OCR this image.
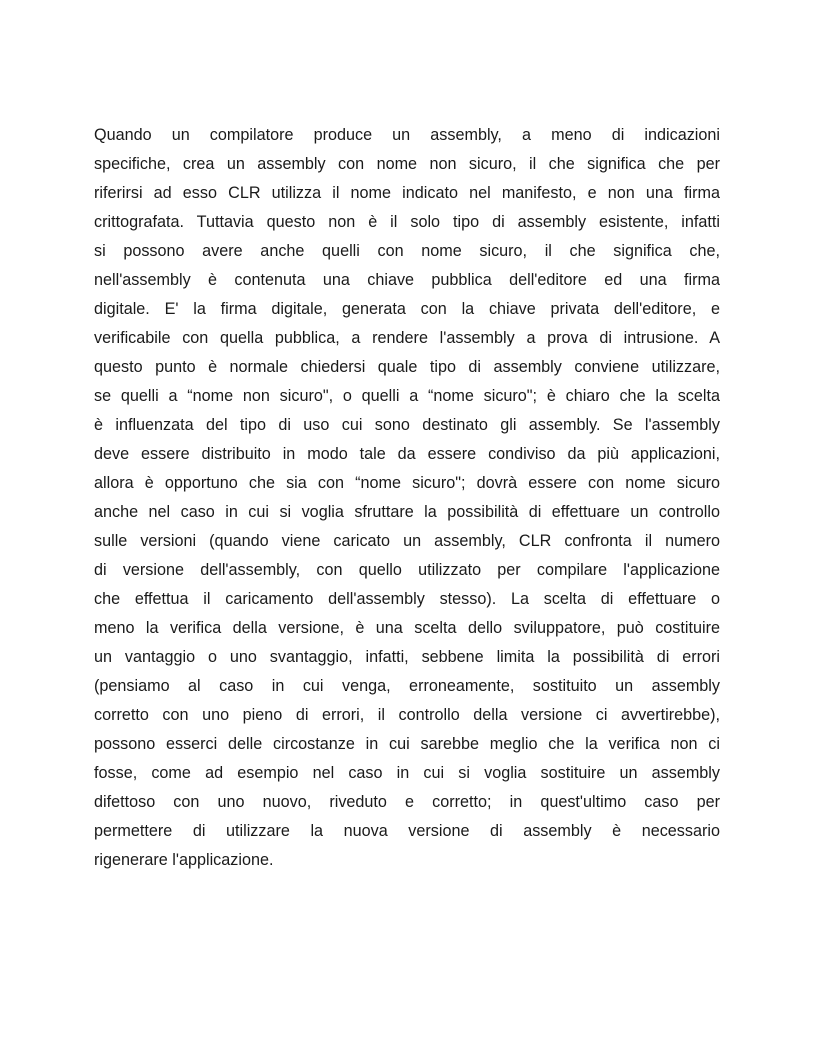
Quando un compilatore produce un assembly, a meno di indicazioni
specifiche, crea un assembly con nome non sicuro, il che significa che per
riferirsi ad esso CLR utilizza il nome indicato nel manifesto, e non una firma
crittografata. Tuttavia questo non è il solo tipo di assembly esistente, infatti
si possono avere anche quelli con nome sicuro, il che significa che,
nell'assembly è contenuta una chiave pubblica dell'editore ed una firma
digitale. E' la firma digitale, generata con la chiave privata dell'editore, e
verificabile con quella pubblica, a rendere l'assembly a prova di intrusione. A
questo punto è normale chiedersi quale tipo di assembly conviene utilizzare,
se quelli a “nome non sicuro", o quelli a “nome sicuro"; è chiaro che la scelta
è influenzata del tipo di uso cui sono destinato gli assembly. Se l'assembly
deve essere distribuito in modo tale da essere condiviso da più applicazioni,
allora è opportuno che sia con “nome sicuro"; dovrà essere con nome sicuro
anche nel caso in cui si voglia sfruttare la possibilità di effettuare un controllo
sulle versioni (quando viene caricato un assembly, CLR confronta il numero
di versione dell'assembly, con quello utilizzato per compilare l'applicazione
che effettua il caricamento dell'assembly stesso). La scelta di effettuare o
meno la verifica della versione, è una scelta dello sviluppatore, può costituire
un vantaggio o uno svantaggio, infatti, sebbene limita la possibilità di errori
(pensiamo al caso in cui venga, erroneamente, sostituito un assembly
corretto con uno pieno di errori, il controllo della versione ci avvertirebbe),
possono esserci delle circostanze in cui sarebbe meglio che la verifica non ci
fosse, come ad esempio nel caso in cui si voglia sostituire un assembly
difettoso con uno nuovo, riveduto e corretto; in quest'ultimo caso per
permettere di utilizzare la nuova versione di assembly è necessario
rigenerare l'applicazione.
